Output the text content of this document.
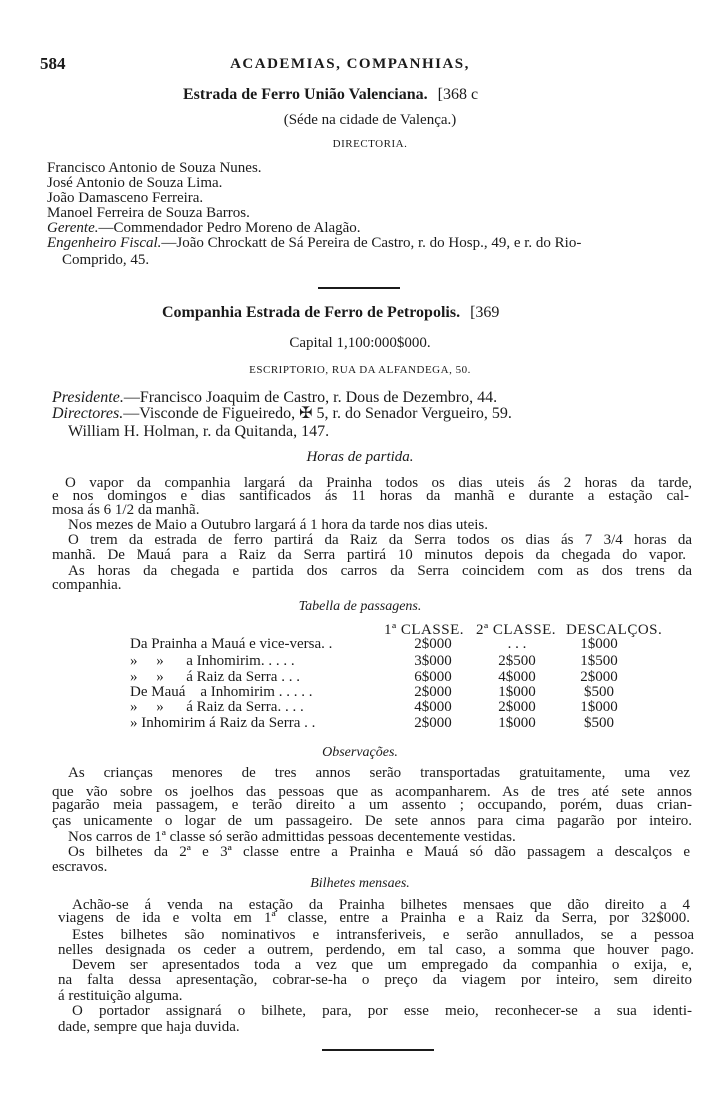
584	ACADEMIAS, COMPANHIAS,
Estrada de Ferro União Valenciana. [368 c
(Séde na cidade de Valença.)
DIRECTORIA.
Francisco Antonio de Souza Nunes.
José Antonio de Souza Lima.
João Damasceno Ferreira.
Manoel Ferreira de Souza Barros.
Gerente.—Commendador Pedro Moreno de Alagão.
Engenheiro Fiscal.—João Chrockatt de Sá Pereira de Castro, r. do Hosp., 49, e r. do Rio-
Comprido, 45.
Companhia Estrada de Ferro de Petropolis. [369
Capital 1,100:000$000.
ESCRIPTORIO, RUA DA ALFANDEGA, 50.
Presidente.—Francisco Joaquim de Castro, r. Dous de Dezembro, 44.
Directores.—Visconde de Figueiredo, ✠ 5, r. do Senador Vergueiro, 59.
William H. Holman, r. da Quitanda, 147.
Horas de partida.
O vapor da companhia largará da Prainha todos os dias uteis ás 2 horas da tarde,
e nos domingos e dias santificados ás 11 horas da manhã e durante a estação cal-
mosa ás 6 1/2 da manhã.
Nos mezes de Maio a Outubro largará á 1 hora da tarde nos dias uteis.
O trem da estrada de ferro partirá da Raiz da Serra todos os dias ás 7 3/4 horas da
manhã. De Mauá para a Raiz da Serra partirá 10 minutos depois da chegada do vapor.
As horas da chegada e partida dos carros da Serra coincidem com as dos trens da
companhia.
Tabella de passagens.
1ª CLASSE. 2ª CLASSE. DESCALÇOS.
Da Prainha a Mauá e vice-versa. .	2$000	. . .	1$000
»     »      a Inhomirim. . . . .	3$000	2$500	1$500
»     »      á Raiz da Serra . . .	6$000	4$000	2$000
De Mauá    a Inhomirim . . . . .	2$000	1$000	$500
»     »      á Raiz da Serra. . . .	4$000	2$000	1$000
» Inhomirim á Raiz da Serra . .	2$000	1$000	$500
Observações.
As crianças menores de tres annos serão transportadas gratuitamente, uma vez
que vão sobre os joelhos das pessoas que as acompanharem. As de tres até sete annos
pagarão meia passagem, e terão direito a um assento ; occupando, porém, duas crian-
ças unicamente o logar de um passageiro. De sete annos para cima pagarão por inteiro.
Nos carros de 1ª classe só serão admittidas pessoas decentemente vestidas.
Os bilhetes da 2ª e 3ª classe entre a Prainha e Mauá só dão passagem a descalços e
escravos.
Bilhetes mensaes.
Achão-se á venda na estação da Prainha bilhetes mensaes que dão direito a 4
viagens de ida e volta em 1ª classe, entre a Prainha e a Raiz da Serra, por 32$000.
Estes bilhetes são nominativos e intransferiveis, e serão annullados, se a pessoa
nelles designada os ceder a outrem, perdendo, em tal caso, a somma que houver pago.
Devem ser apresentados toda a vez que um empregado da companhia o exija, e,
na falta dessa apresentação, cobrar-se-ha o preço da viagem por inteiro, sem direito
á restituição alguma.
O portador assignará o bilhete, para, por esse meio, reconhecer-se a sua identi-
dade, sempre que haja duvida.
